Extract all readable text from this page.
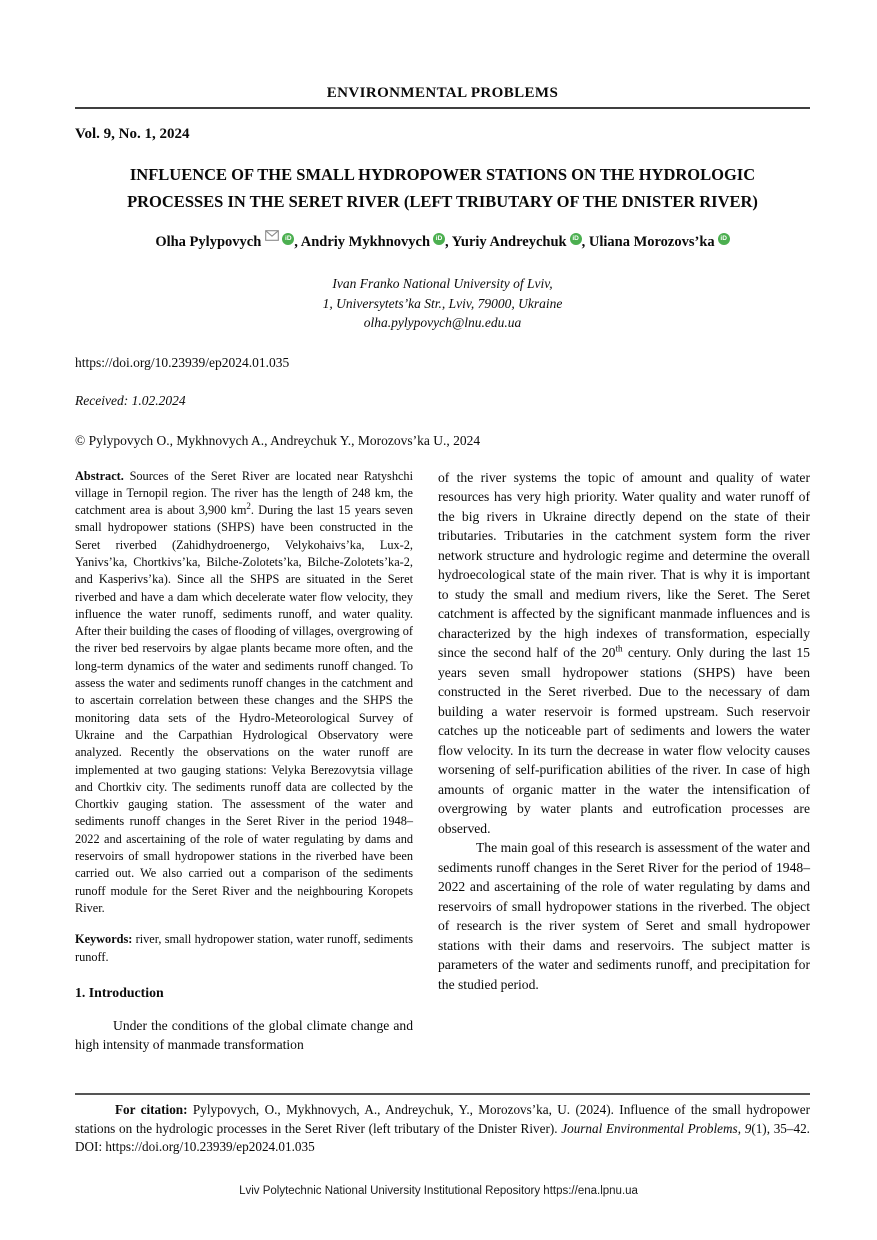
ENVIRONMENTAL PROBLEMS
Vol. 9, No. 1, 2024
INFLUENCE OF THE SMALL HYDROPOWER STATIONS ON THE HYDROLOGIC
PROCESSES IN THE SERET RIVER (LEFT TRIBUTARY OF THE DNISTER RIVER)
Olha Pylypovych	iD , Andriy Mykhnovych iD , Yuriy Andreychuk iD , Uliana Morozovs’ka iD
Ivan Franko National University of Lviv,
1, Universytets’ka Str., Lviv, 79000, Ukraine
olha.pylypovych@lnu.edu.ua
https://doi.org/10.23939/ep2024.01.035
Received: 1.02.2024
© Pylypovych O., Mykhnovych A., Andreychuk Y., Morozovs’ka U., 2024

Abstract. Sources of the Seret River are located near Ratyshchi village in Ternopil region. The river has the length of 248 km, the catchment area is about 3,900 $km^2$. During the last 15 years seven small hydropower stations (SHPS) have been constructed in the Seret riverbed (Zahidhydroenergo, Velykohaivs’ka, Lux-2, Yanivs’ka, Chortkivs’ka, Bilche-Zolotets’ka, Bilche-Zolotets’ka-2, and Kasperivs’ka). Since all the SHPS are situated in the Seret riverbed and have a dam which decelerate water flow velocity, they influence the water runoff, sediments runoff, and water quality. After their building the cases of flooding of villages, overgrowing of the river bed reservoirs by algae plants became more often, and the long-term dynamics of the water and sediments runoff changed. To assess the water and sediments runoff changes in the catchment and to ascertain correlation between these changes and the SHPS the monitoring data sets of the Hydro-Meteorological Survey of Ukraine and the Carpathian Hydrological Observatory were analyzed. Recently the observations on the water runoff are implemented at two gauging stations: Velyka Berezovytsia village and Chortkiv city. The sediments runoff data are collected by the Chortkiv gauging station. The assessment of the water and sediments runoff changes in the Seret River in the period 1948–2022 and ascertaining of the role of water regulating by dams and reservoirs of small hydropower stations in the riverbed have been carried out. We also carried out a comparison of the sediments runoff module for the Seret River and the neighbouring Koropets River.

Keywords: river, small hydropower station, water runoff, sediments runoff.

1. Introduction

Under the conditions of the global climate change and high intensity of manmade transformation

of the river systems the topic of amount and quality of water resources has very high priority. Water quality and water runoff of the big rivers in Ukraine directly depend on the state of their tributaries. Tributaries in the catchment system form the river network structure and hydrologic regime and determine the overall hydroecological state of the main river. That is why it is important to study the small and medium rivers, like the Seret. The Seret catchment is affected by the significant manmade influences and is characterized by the high indexes of transformation, especially since the second half of the 20th century. Only during the last 15 years seven small hydropower stations (SHPS) have been constructed in the Seret riverbed. Due to the necessary of dam building a water reservoir is formed upstream. Such reservoir catches up the noticeable part of sediments and lowers the water flow velocity. In its turn the decrease in water flow velocity causes worsening of self-purification abilities of the river. In case of high amounts of organic matter in the water the intensification of overgrowing by water plants and eutrofication processes are observed.

The main goal of this research is assessment of the water and sediments runoff changes in the Seret River for the period of 1948–2022 and ascertaining of the role of water regulating by dams and reservoirs of small hydropower stations in the riverbed. The object of research is the river system of Seret and small hydropower stations with their dams and reservoirs. The subject matter is parameters of the water and sediments runoff, and precipitation for the studied period.

For citation: Pylypovych, O., Mykhnovych, A., Andreychuk, Y., Morozovs’ka, U. (2024). Influence of the small hydropower stations on the hydrologic processes in the Seret River (left tributary of the Dnister River). Journal Environmental Problems, 9(1), 35–42. DOI: https://doi.org/10.23939/ep2024.01.035
Lviv Polytechnic National University Institutional Repository https://ena.lpnu.ua
